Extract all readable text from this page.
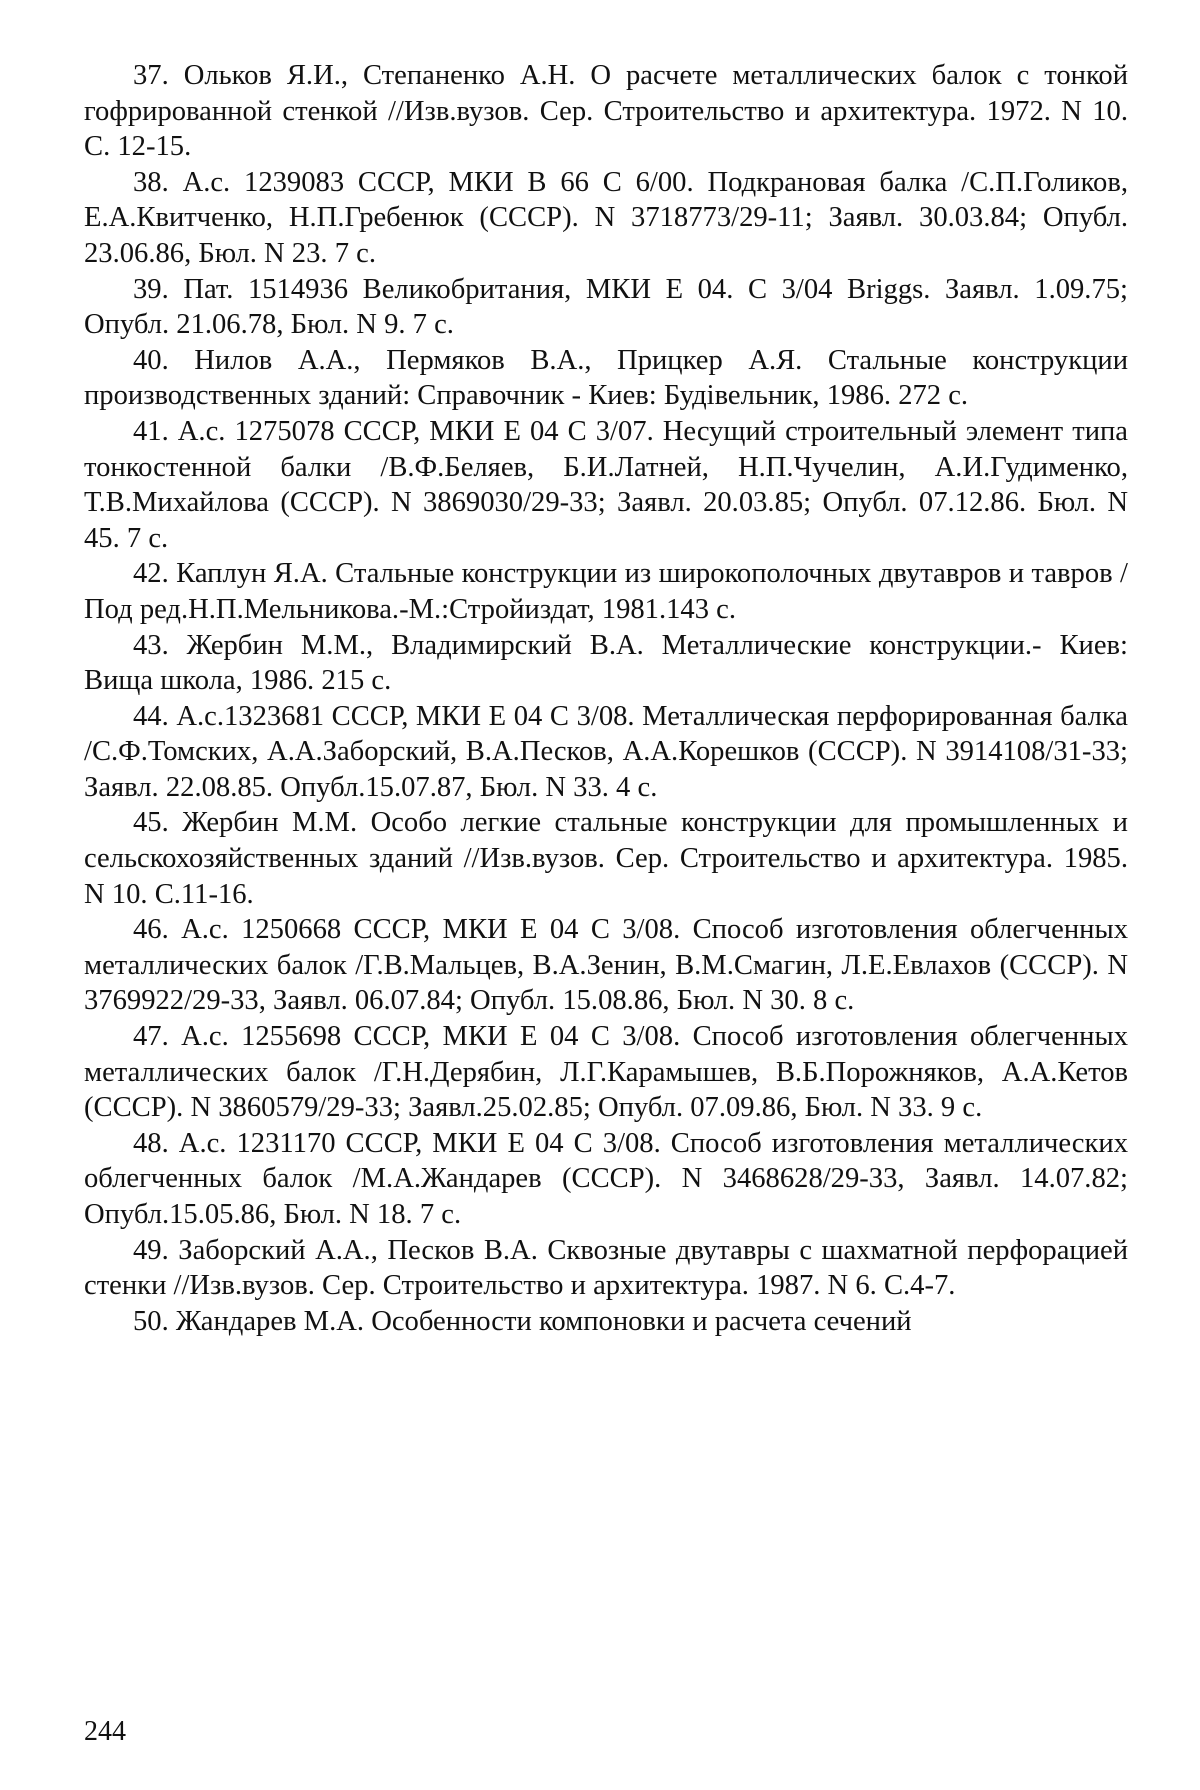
37. Ольков Я.И., Степаненко А.Н. О расчете металлических балок с тонкой гофрированной стенкой //Изв.вузов. Сер. Строительство и архитектура. 1972. N 10. С. 12-15.

38. А.с. 1239083 СССР, МКИ В 66 С 6/00. Подкрановая балка /С.П.Голиков, Е.А.Квитченко, Н.П.Гребенюк (СССР). N 3718773/29-11; Заявл. 30.03.84; Опубл. 23.06.86, Бюл. N 23. 7 с.

39. Пат. 1514936 Великобритания, МКИ Е 04. С 3/04 Briggs. Заявл. 1.09.75; Опубл. 21.06.78, Бюл. N 9. 7 с.

40. Нилов А.А., Пермяков В.А., Прицкер А.Я. Стальные конструкции производственных зданий: Справочник - Киев: Будівельник, 1986. 272 с.

41. А.с. 1275078 СССР, МКИ Е 04 С 3/07. Несущий строительный элемент типа тонкостенной балки /В.Ф.Беляев, Б.И.Латней, Н.П.Чучелин, А.И.Гудименко, Т.В.Михайлова (СССР). N 3869030/29-33; Заявл. 20.03.85; Опубл. 07.12.86. Бюл. N 45. 7 с.

42. Каплун Я.А. Стальные конструкции из широкополочных двутавров и тавров /Под ред.Н.П.Мельникова.-М.:Стройиздат, 1981.143 с.

43. Жербин М.М., Владимирский В.А. Металлические конструкции.- Киев: Вища школа, 1986. 215 с.

44. А.с.1323681 СССР, МКИ Е 04 С 3/08. Металлическая перфорированная балка /С.Ф.Томских, А.А.Заборский, В.А.Песков, А.А.Корешков (СССР). N 3914108/31-33; Заявл. 22.08.85. Опубл.15.07.87, Бюл. N 33. 4 с.

45. Жербин М.М. Особо легкие стальные конструкции для промышленных и сельскохозяйственных зданий //Изв.вузов. Сер. Строительство и архитектура. 1985. N 10. С.11-16.

46. А.с. 1250668 СССР, МКИ Е 04 С 3/08. Способ изготовления облегченных металлических балок /Г.В.Мальцев, В.А.Зенин, В.М.Смагин, Л.Е.Евлахов (СССР). N 3769922/29-33, Заявл. 06.07.84; Опубл. 15.08.86, Бюл. N 30. 8 с.

47. А.с. 1255698 СССР, МКИ Е 04 С 3/08. Способ изготовления облегченных металлических балок /Г.Н.Дерябин, Л.Г.Карамышев, В.Б.Порожняков, А.А.Кетов (СССР). N 3860579/29-33; Заявл.25.02.85; Опубл. 07.09.86, Бюл. N 33. 9 с.

48. А.с. 1231170 СССР, МКИ Е 04 С 3/08. Способ изготовления металлических облегченных балок /М.А.Жандарев (СССР). N 3468628/29-33, Заявл. 14.07.82; Опубл.15.05.86, Бюл. N 18. 7 с.

49. Заборский А.А., Песков В.А. Сквозные двутавры с шахматной перфорацией стенки //Изв.вузов. Сер. Строительство и архитектура. 1987. N 6. С.4-7.

50. Жандарев М.А. Особенности компоновки и расчета сечений

244
